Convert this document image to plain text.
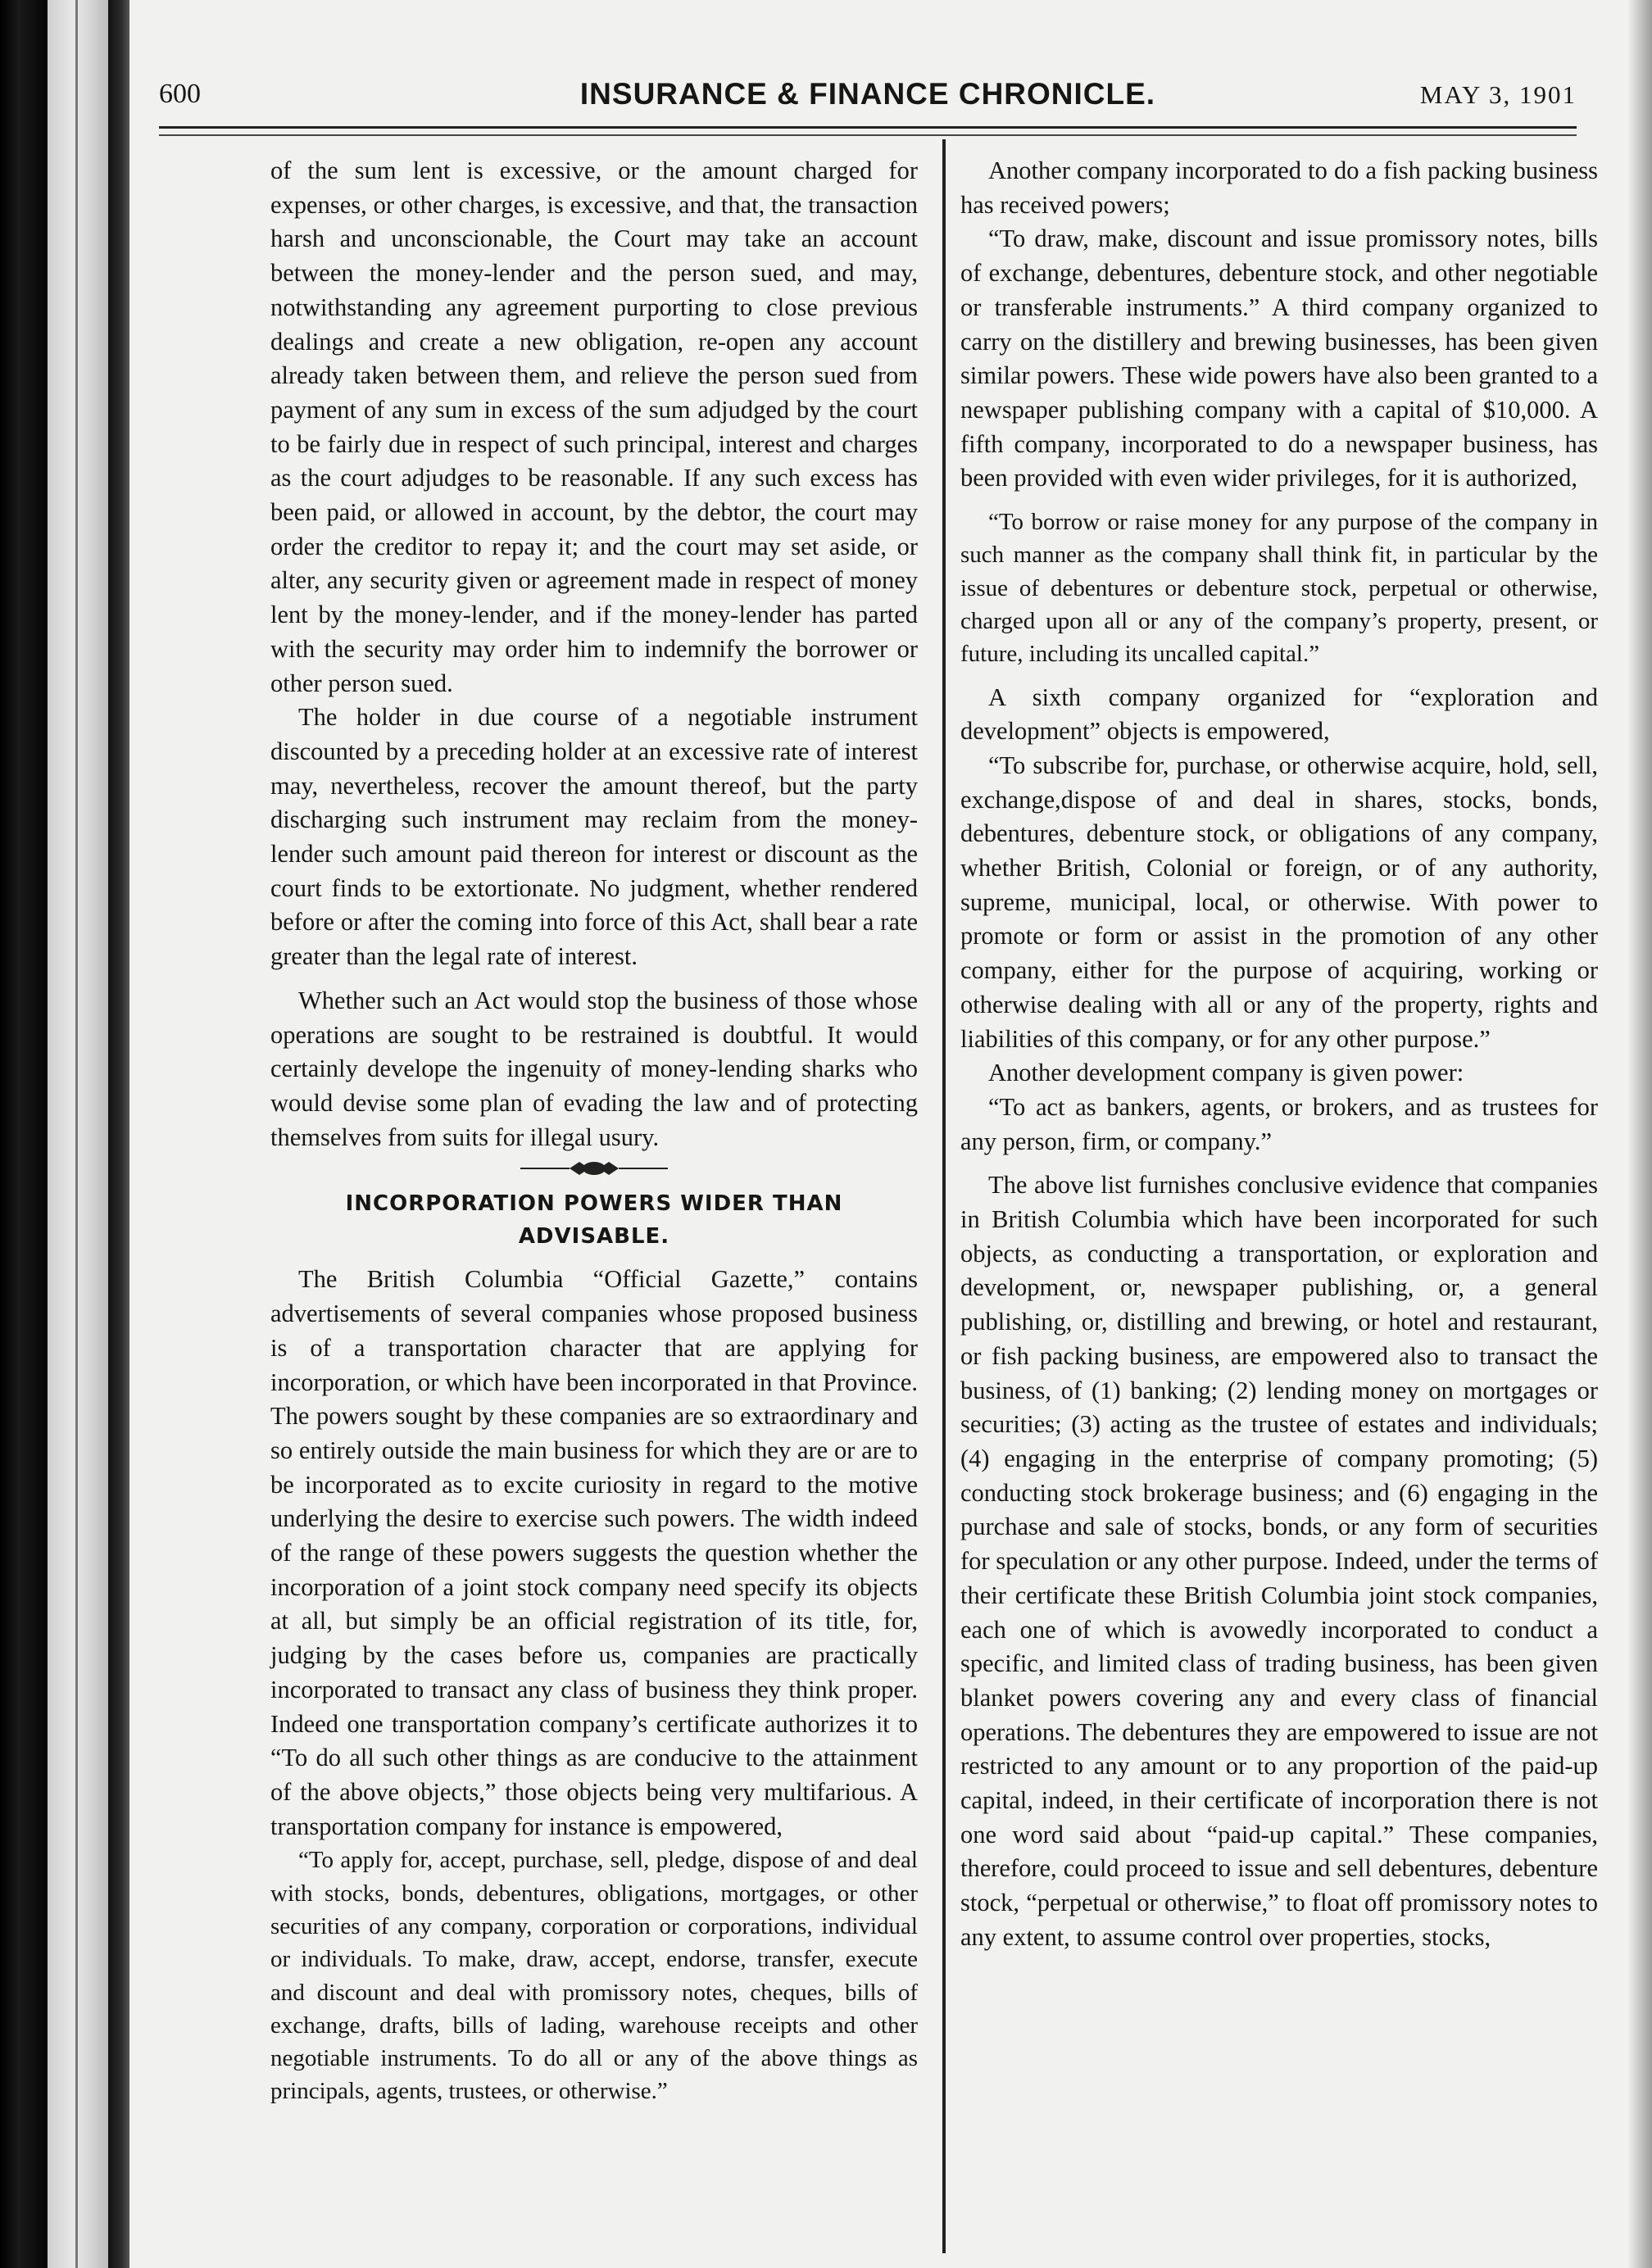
600	INSURANCE & FINANCE CHRONICLE.	MAY 3, 1901

of the sum lent is excessive, or the amount charged for expenses, or other charges, is excessive, and that, the transaction harsh and unconscionable, the Court may take an account between the money-lender and the person sued, and may, notwithstanding any agreement purporting to close previous dealings and create a new obligation, re-open any account already taken between them, and relieve the person sued from payment of any sum in excess of the sum adjudged by the court to be fairly due in respect of such principal, interest and charges as the court adjudges to be reasonable. If any such excess has been paid, or allowed in account, by the debtor, the court may order the creditor to repay it; and the court may set aside, or alter, any security given or agreement made in respect of money lent by the money-lender, and if the money-lender has parted with the security may order him to indemnify the borrower or other person sued.

The holder in due course of a negotiable instrument discounted by a preceding holder at an excessive rate of interest may, nevertheless, recover the amount thereof, but the party discharging such instrument may reclaim from the money-lender such amount paid thereon for interest or discount as the court finds to be extortionate. No judgment, whether rendered before or after the coming into force of this Act, shall bear a rate greater than the legal rate of interest.

Whether such an Act would stop the business of those whose operations are sought to be restrained is doubtful. It would certainly develope the ingenuity of money-lending sharks who would devise some plan of evading the law and of protecting themselves from suits for illegal usury.

INCORPORATION POWERS WIDER THAN
ADVISABLE.

The British Columbia “Official Gazette,” contains advertisements of several companies whose proposed business is of a transportation character that are applying for incorporation, or which have been incorporated in that Province. The powers sought by these companies are so extraordinary and so entirely outside the main business for which they are or are to be incorporated as to excite curiosity in regard to the motive underlying the desire to exercise such powers. The width indeed of the range of these powers suggests the question whether the incorporation of a joint stock company need specify its objects at all, but simply be an official registration of its title, for, judging by the cases before us, companies are practically incorporated to transact any class of business they think proper. Indeed one transportation company’s certificate authorizes it to “To do all such other things as are conducive to the attainment of the above objects,” those objects being very multifarious. A transportation company for instance is empowered,

“To apply for, accept, purchase, sell, pledge, dispose of and deal with stocks, bonds, debentures, obligations, mortgages, or other securities of any company, corporation or corporations, individual or individuals. To make, draw, accept, endorse, transfer, execute and discount and deal with promissory notes, cheques, bills of exchange, drafts, bills of lading, warehouse receipts and other negotiable instruments. To do all or any of the above things as principals, agents, trustees, or otherwise.”

Another company incorporated to do a fish packing business has received powers;

“To draw, make, discount and issue promissory notes, bills of exchange, debentures, debenture stock, and other negotiable or transferable instruments.” A third company organized to carry on the distillery and brewing businesses, has been given similar powers. These wide powers have also been granted to a newspaper publishing company with a capital of $10,000. A fifth company, incorporated to do a newspaper business, has been provided with even wider privileges, for it is authorized,

“To borrow or raise money for any purpose of the company in such manner as the company shall think fit, in particular by the issue of debentures or debenture stock, perpetual or otherwise, charged upon all or any of the company’s property, present, or future, including its uncalled capital.”

A sixth company organized for “exploration and development” objects is empowered,

“To subscribe for, purchase, or otherwise acquire, hold, sell, exchange,dispose of and deal in shares, stocks, bonds, debentures, debenture stock, or obligations of any company, whether British, Colonial or foreign, or of any authority, supreme, municipal, local, or otherwise. With power to promote or form or assist in the promotion of any other company, either for the purpose of acquiring, working or otherwise dealing with all or any of the property, rights and liabilities of this company, or for any other purpose.”

Another development company is given power:

“To act as bankers, agents, or brokers, and as trustees for any person, firm, or company.”

The above list furnishes conclusive evidence that companies in British Columbia which have been incorporated for such objects, as conducting a transportation, or exploration and development, or, newspaper publishing, or, a general publishing, or, distilling and brewing, or hotel and restaurant, or fish packing business, are empowered also to transact the business, of (1) banking; (2) lending money on mortgages or securities; (3) acting as the trustee of estates and individuals; (4) engaging in the enterprise of company promoting; (5) conducting stock brokerage business; and (6) engaging in the purchase and sale of stocks, bonds, or any form of securities for speculation or any other purpose. Indeed, under the terms of their certificate these British Columbia joint stock companies, each one of which is avowedly incorporated to conduct a specific, and limited class of trading business, has been given blanket powers covering any and every class of financial operations. The debentures they are empowered to issue are not restricted to any amount or to any proportion of the paid-up capital, indeed, in their certificate of incorporation there is not one word said about “paid-up capital.” These companies, therefore, could proceed to issue and sell debentures, debenture stock, “perpetual or otherwise,” to float off promissory notes to any extent, to assume control over properties, stocks,
